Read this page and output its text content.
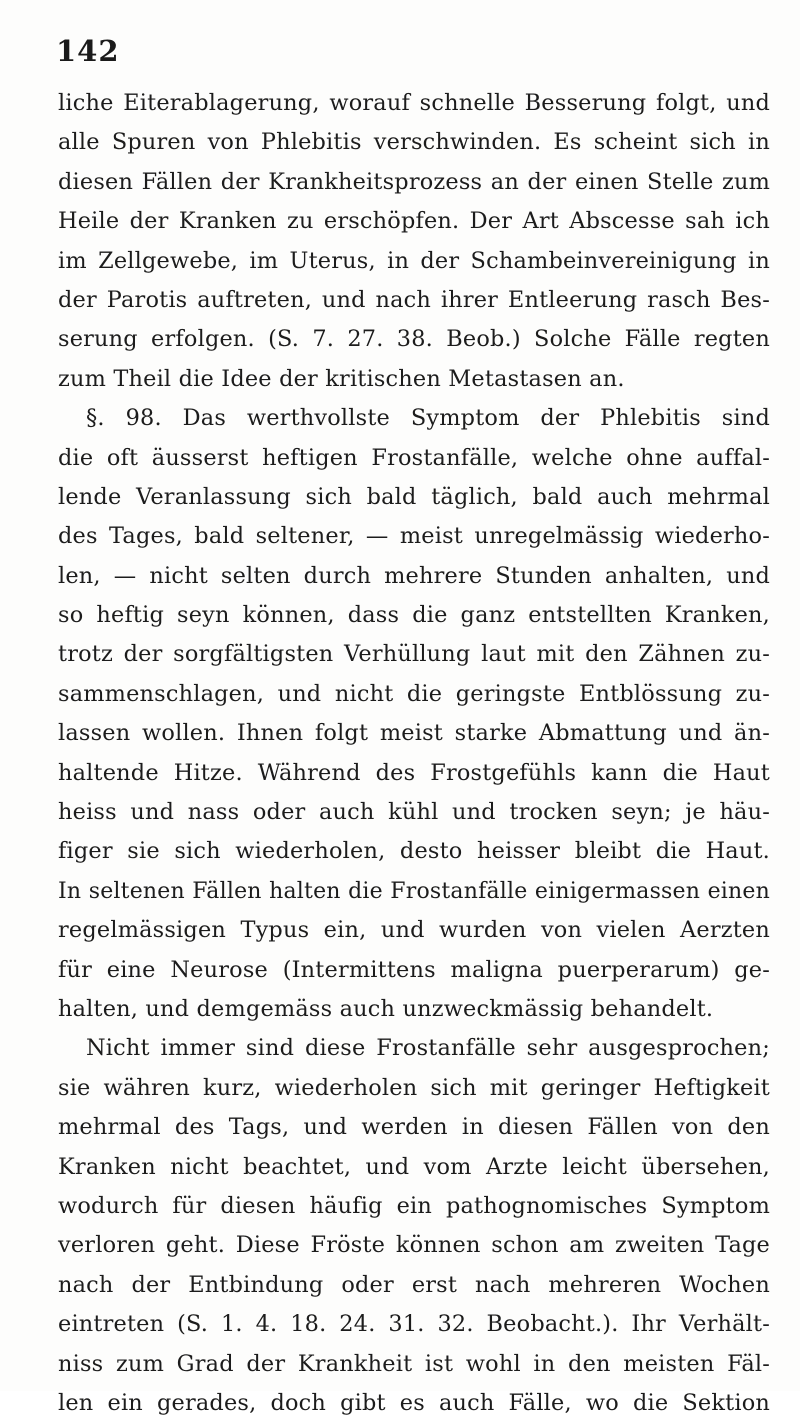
142
liche Eiterablagerung, worauf schnelle Besserung folgt, und
alle Spuren von Phlebitis verschwinden. Es scheint sich in
diesen Fällen der Krankheitsprozess an der einen Stelle zum
Heile der Kranken zu erschöpfen. Der Art Abscesse sah ich
im Zellgewebe, im Uterus, in der Schambeinvereinigung in
der Parotis auftreten, und nach ihrer Entleerung rasch Bes-
serung erfolgen. (S. 7. 27. 38. Beob.) Solche Fälle regten
zum Theil die Idee der kritischen Metastasen an.
§. 98. Das werthvollste Symptom der Phlebitis sind
die oft äusserst heftigen Frostanfälle, welche ohne auffal-
lende Veranlassung sich bald täglich, bald auch mehrmal
des Tages, bald seltener, — meist unregelmässig wiederho-
len, — nicht selten durch mehrere Stunden anhalten, und
so heftig seyn können, dass die ganz entstellten Kranken,
trotz der sorgfältigsten Verhüllung laut mit den Zähnen zu-
sammenschlagen, und nicht die geringste Entblössung zu-
lassen wollen. Ihnen folgt meist starke Abmattung und än-
haltende Hitze. Während des Frostgefühls kann die Haut
heiss und nass oder auch kühl und trocken seyn; je häu-
figer sie sich wiederholen, desto heisser bleibt die Haut.
In seltenen Fällen halten die Frostanfälle einigermassen einen
regelmässigen Typus ein, und wurden von vielen Aerzten
für eine Neurose (Intermittens maligna puerperarum) ge-
halten, und demgemäss auch unzweckmässig behandelt.
Nicht immer sind diese Frostanfälle sehr ausgesprochen;
sie währen kurz, wiederholen sich mit geringer Heftigkeit
mehrmal des Tags, und werden in diesen Fällen von den
Kranken nicht beachtet, und vom Arzte leicht übersehen,
wodurch für diesen häufig ein pathognomisches Symptom
verloren geht. Diese Fröste können schon am zweiten Tage
nach der Entbindung oder erst nach mehreren Wochen
eintreten (S. 1. 4. 18. 24. 31. 32. Beobacht.). Ihr Verhält-
niss zum Grad der Krankheit ist wohl in den meisten Fäl-
len ein gerades, doch gibt es auch Fälle, wo die Sektion
